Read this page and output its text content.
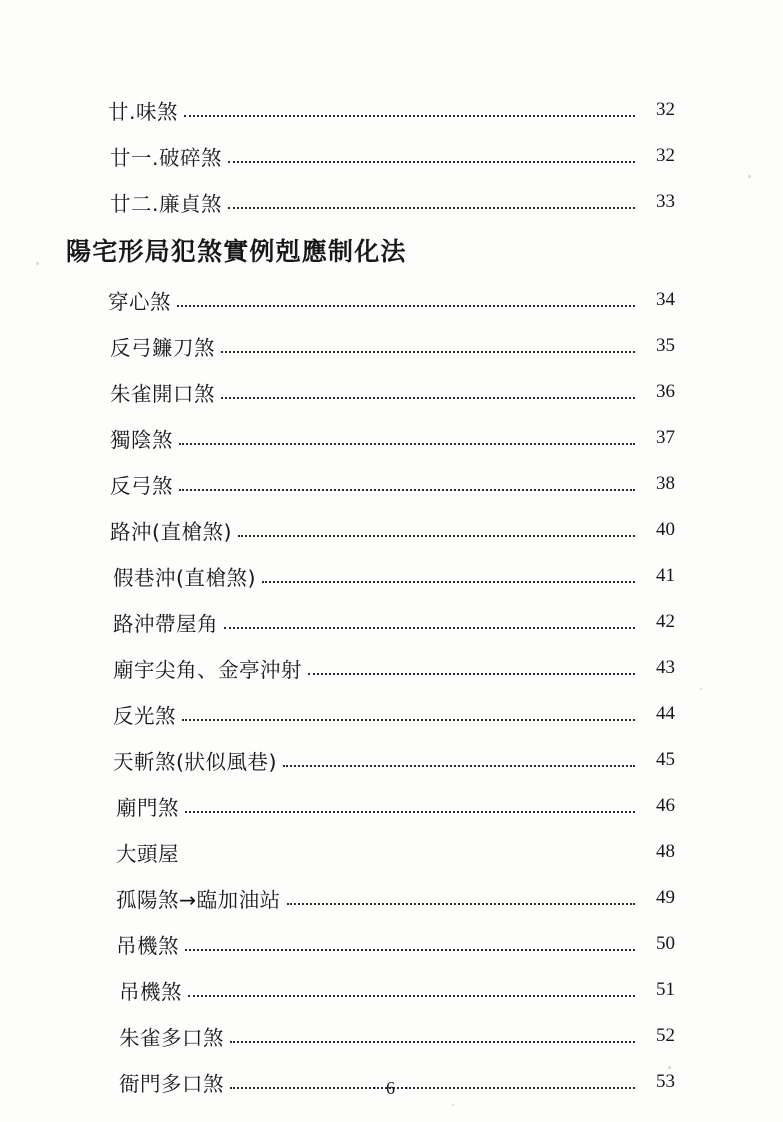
廿.味煞	32
廿一.破碎煞	32
廿二.廉貞煞	33
陽宅形局犯煞實例剋應制化法
穿心煞	34
反弓鐮刀煞	35
朱雀開口煞	36
獨陰煞	37
反弓煞	38
路沖(直槍煞)	40
假巷沖(直槍煞)	41
路沖帶屋角	42
廟宇尖角、金亭沖射	43
反光煞	44
天斬煞(狀似風巷)	45
廟門煞	46
大頭屋	48
孤陽煞→臨加油站	49
吊機煞	50
吊機煞	51
朱雀多口煞	52
衙門多口煞	53
· 6 ·
